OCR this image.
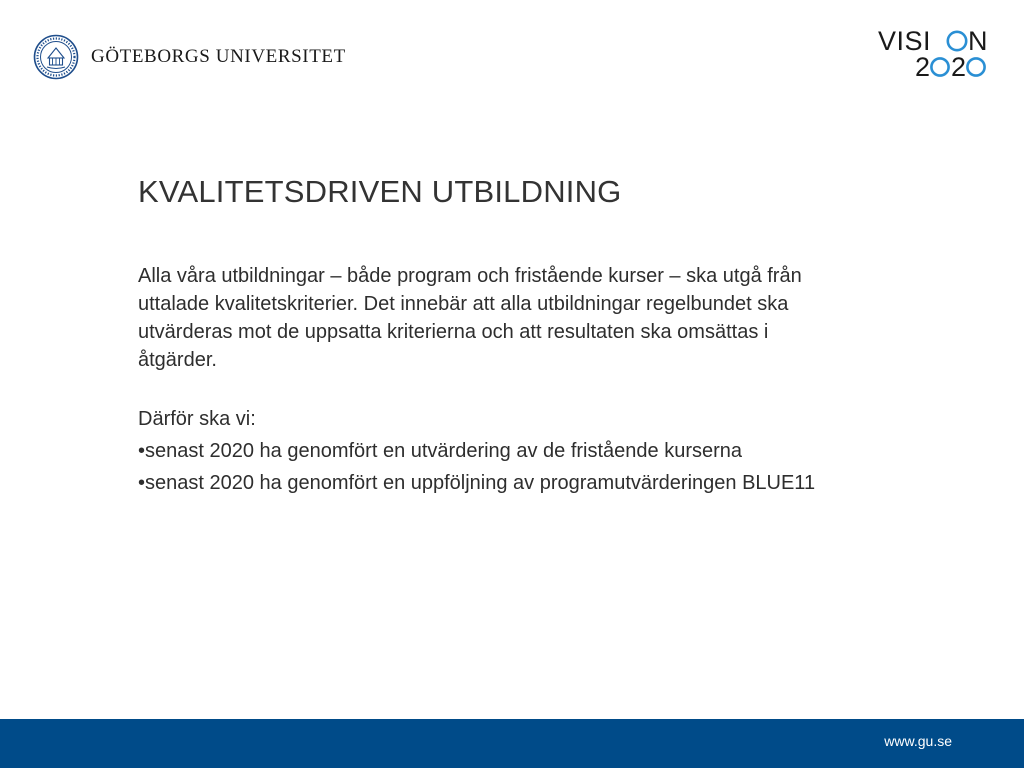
GÖTEBORGS UNIVERSITET
VISI N
2 2
KVALITETSDRIVEN UTBILDNING

Alla våra utbildningar – både program och fristående kurser – ska utgå från uttalade kvalitetskriterier. Det innebär att alla utbildningar regelbundet ska utvärderas mot de uppsatta kriterierna och att resultaten ska omsättas i åtgärder.

Därför ska vi:

•senast 2020 ha genomfört en utvärdering av de fristående kurserna

•senast 2020 ha genomfört en uppföljning av programutvärderingen BLUE11

www.gu.se
